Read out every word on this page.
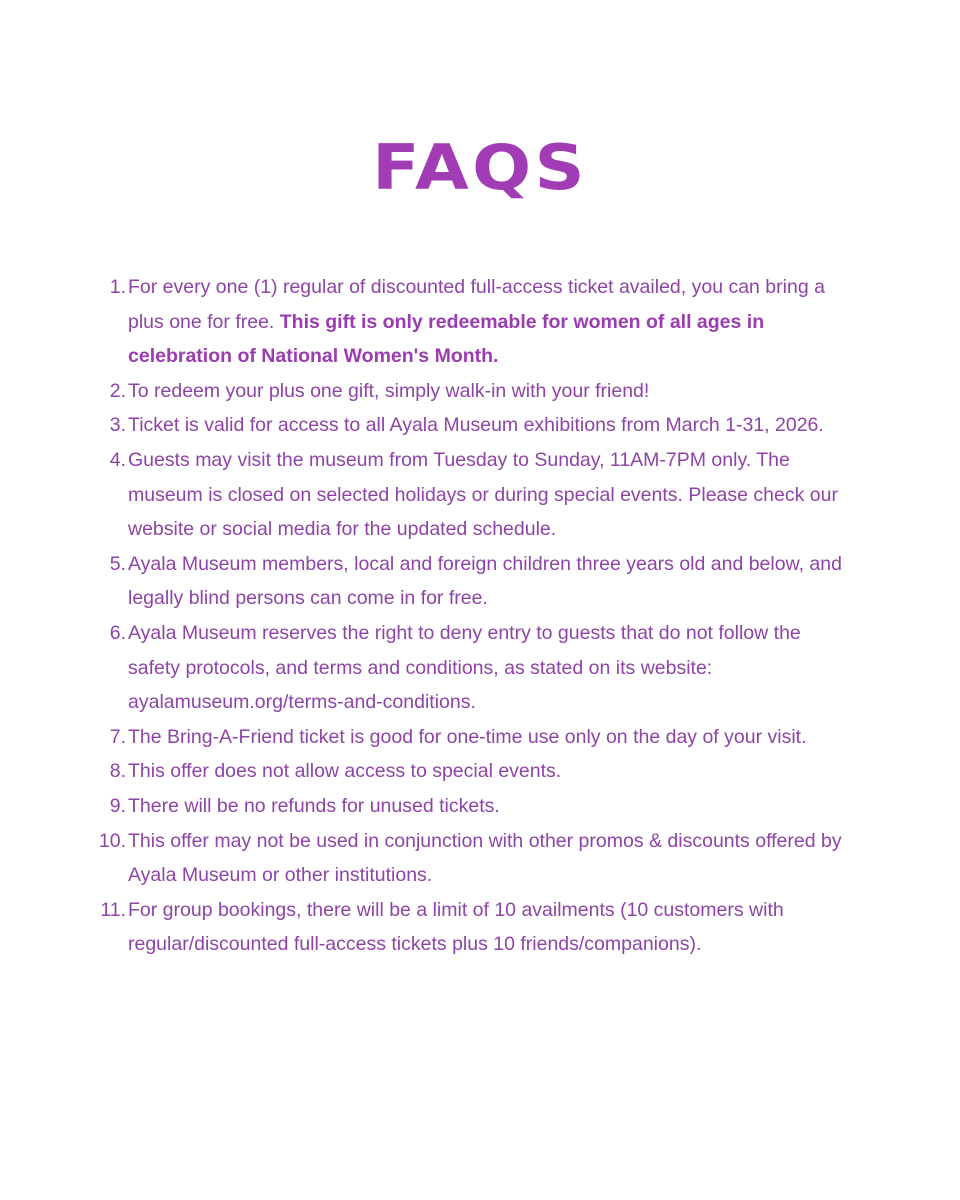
FAQS
1. For every one (1) regular of discounted full-access ticket availed, you can bring a plus one for free. This gift is only redeemable for women of all ages in celebration of National Women's Month.
2. To redeem your plus one gift, simply walk-in with your friend!
3. Ticket is valid for access to all Ayala Museum exhibitions from March 1-31, 2026.
4. Guests may visit the museum from Tuesday to Sunday, 11AM-7PM only. The museum is closed on selected holidays or during special events. Please check our website or social media for the updated schedule.
5. Ayala Museum members, local and foreign children three years old and below, and legally blind persons can come in for free.
6. Ayala Museum reserves the right to deny entry to guests that do not follow the safety protocols, and terms and conditions, as stated on its website: ayalamuseum.org/terms-and-conditions.
7. The Bring-A-Friend ticket is good for one-time use only on the day of your visit.
8. This offer does not allow access to special events.
9. There will be no refunds for unused tickets.
10. This offer may not be used in conjunction with other promos & discounts offered by Ayala Museum or other institutions.
11. For group bookings, there will be a limit of 10 availments (10 customers with regular/discounted full-access tickets plus 10 friends/companions).
